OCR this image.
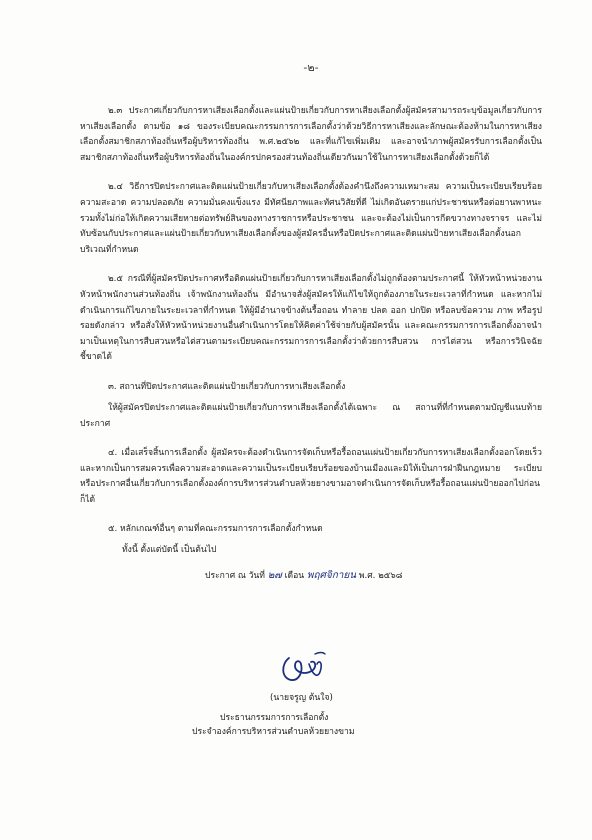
-๒-

๒.๓ ประกาศเกี่ยวกับการหาเสียงเลือกตั้งและแผ่นป้ายเกี่ยวกับการหาเสียงเลือกตั้งผู้สมัครสามารถระบุข้อมูลเกี่ยวกับการหาเสียงเลือกตั้ง ตามข้อ ๑๘ ของระเบียบคณะกรรมการการเลือกตั้งว่าด้วยวิธีการหาเสียงและลักษณะต้องห้ามในการหาเสียงเลือกตั้งสมาชิกสภาท้องถิ่นหรือผู้บริหารท้องถิ่น พ.ศ.๒๕๖๒ และที่แก้ไขเพิ่มเติม และอาจนำภาพผู้สมัครรับการเลือกตั้งเป็นสมาชิกสภาท้องถิ่นหรือผู้บริหารท้องถิ่นในองค์กรปกครองส่วนท้องถิ่นเดียวกันมาใช้ในการหาเสียงเลือกตั้งด้วยก็ได้

๒.๔ วิธีการปิดประกาศและติดแผ่นป้ายเกี่ยวกับหาเสียงเลือกตั้งต้องคำนึงถึงความเหมาะสม ความเป็นระเบียบเรียบร้อย ความสะอาด ความปลอดภัย ความมั่นคงแข็งแรง มีทัศนียภาพและทัศนวิสัยที่ดี ไม่เกิดอันตรายแก่ประชาชนหรือต่อยานพาหนะ รวมทั้งไม่ก่อให้เกิดความเสียหายต่อทรัพย์สินของทางราชการหรือประชาชน และจะต้องไม่เป็นการกีดขวางทางจราจร และไม่ทับซ้อนกับประกาศและแผ่นป้ายเกี่ยวกับหาเสียงเลือกตั้งของผู้สมัครอื่นหรือปิดประกาศและติดแผ่นป้ายหาเสียงเลือกตั้งนอกบริเวณที่กำหนด

๒.๕ กรณีที่ผู้สมัครปิดประกาศหรือติดแผ่นป้ายเกี่ยวกับการหาเสียงเลือกตั้งไม่ถูกต้องตามประกาศนี้ ให้หัวหน้าหน่วยงาน หัวหน้าพนักงานส่วนท้องถิ่น เจ้าพนักงานท้องถิ่น มีอำนาจสั่งผู้สมัครให้แก้ไขให้ถูกต้องภายในระยะเวลาที่กำหนด และหากไม่ดำเนินการแก้ไขภายในระยะเวลาที่กำหนด ให้ผู้มีอำนาจข้างต้นรื้อถอน ทำลาย ปลด ออก ปกปิด หรือลบข้อความ ภาพ หรือรูปรอยดังกล่าว หรือสั่งให้หัวหน้าหน่วยงานอื่นดำเนินการโดยให้คิดค่าใช้จ่ายกับผู้สมัครนั้น และคณะกรรมการการเลือกตั้งอาจนำมาเป็นเหตุในการสืบสวนหรือไต่สวนตามระเบียบคณะกรรมการการเลือกตั้งว่าด้วยการสืบสวน การไต่สวน หรือการวินิจฉัยชี้ขาดได้

๓. สถานที่ปิดประกาศและติดแผ่นป้ายเกี่ยวกับการหาเสียงเลือกตั้ง

ให้ผู้สมัครปิดประกาศและติดแผ่นป้ายเกี่ยวกับการหาเสียงเลือกตั้งได้เฉพาะ ณ สถานที่ที่กำหนดตามบัญชีแนบท้ายประกาศ

๔. เมื่อเสร็จสิ้นการเลือกตั้ง ผู้สมัครจะต้องดำเนินการจัดเก็บหรือรื้อถอนแผ่นป้ายเกี่ยวกับการหาเสียงเลือกตั้งออกโดยเร็ว และหากเป็นการสมควรเพื่อความสะอาดและความเป็นระเบียบเรียบร้อยของบ้านเมืองและมิให้เป็นการฝ่าฝืนกฎหมาย ระเบียบ หรือประกาศอื่นเกี่ยวกับการเลือกตั้งองค์การบริหารส่วนตำบลห้วยยางขามอาจดำเนินการจัดเก็บหรือรื้อถอนแผ่นป้ายออกไปก่อนก็ได้

๕. หลักเกณฑ์อื่นๆ ตามที่คณะกรรมการการเลือกตั้งกำหนด
ทั้งนี้ ตั้งแต่บัดนี้ เป็นต้นไป
ประกาศ ณ วันที่ ๒๗ เดือน พฤศจิกายน พ.ศ. ๒๕๖๘
(นายจรูญ ต้นใจ)
ประธานกรรมการการเลือกตั้ง
ประจำองค์การบริหารส่วนตำบลห้วยยางขาม
